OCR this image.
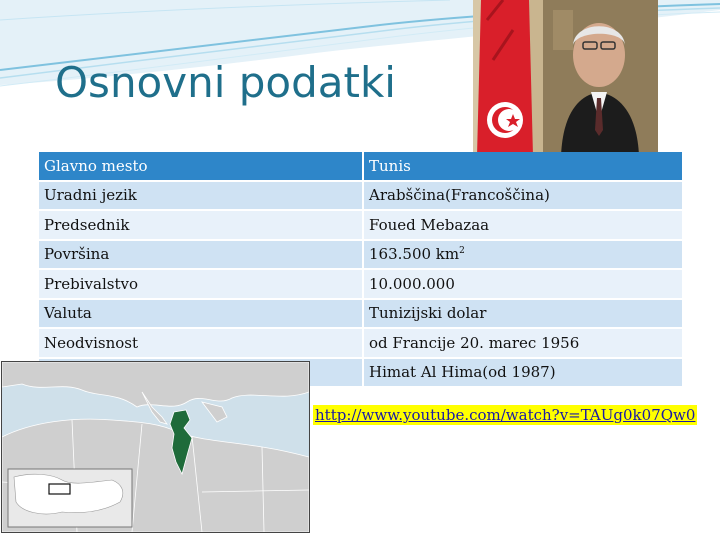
Osnovni podatki
Glavno mesto	Tunis
Uradni jezik	Arabščina(Francoščina)
Predsednik	Foued Mebazaa
Površina	163.500 $km^2$
Prebivalstvo	10.000.000
Valuta	Tunizijski dolar
Neodvisnost	od Francije 20. marec 1956
	Himat Al Hima(od 1987)
http://www.youtube.com/watch?v=TAUg0k07Qw0
